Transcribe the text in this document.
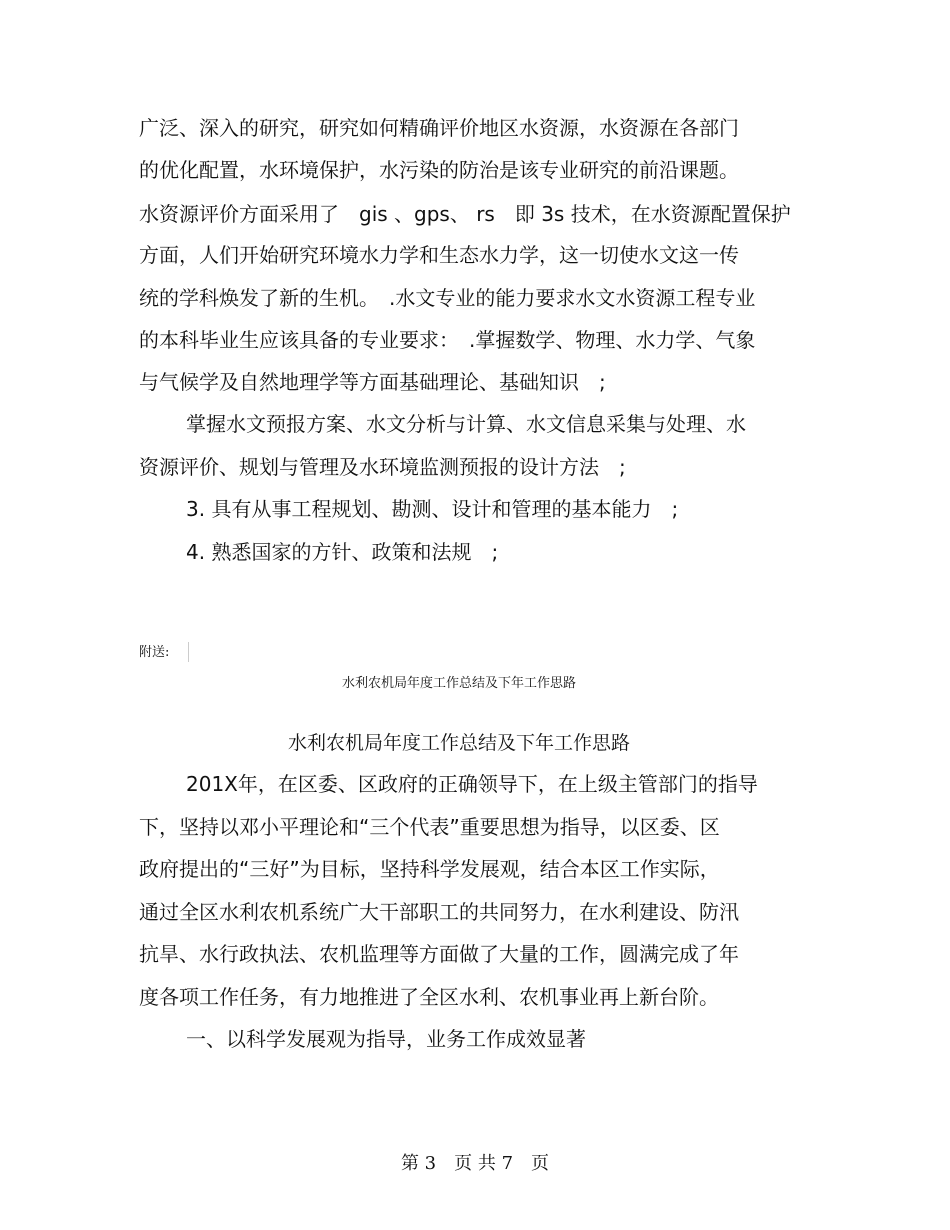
广泛、深入的研究，研究如何精确评价地区水资源，水资源在各部门
的优化配置，水环境保护，水污染的防治是该专业研究的前沿课题。
水资源评价方面采用了　gis 、gps、 rs　即 3s 技术，在水资源配置保护
方面，人们开始研究环境水力学和生态水力学，这一切使水文这一传
统的学科焕发了新的生机。　.水文专业的能力要求水文水资源工程专业
的本科毕业生应该具备的专业要求：　.掌握数学、物理、水力学、气象
与气候学及自然地理学等方面基础理论、基础知识　;
掌握水文预报方案、水文分析与计算、水文信息采集与处理、水
资源评价、规划与管理及水环境监测预报的设计方法　;
3. 具有从事工程规划、勘测、设计和管理的基本能力　;
4. 熟悉国家的方针、政策和法规　;
附送:
水利农机局年度工作总结及下年工作思路
水利农机局年度工作总结及下年工作思路
201X年，在区委、区政府的正确领导下，在上级主管部门的指导
下，坚持以邓小平理论和“三个代表”重要思想为指导，以区委、区
政府提出的“三好”为目标，坚持科学发展观，结合本区工作实际，
通过全区水利农机系统广大干部职工的共同努力，在水利建设、防汛
抗旱、水行政执法、农机监理等方面做了大量的工作，圆满完成了年
度各项工作任务，有力地推进了全区水利、农机事业再上新台阶。
一、以科学发展观为指导，业务工作成效显著
第 3　页 共 7　页
